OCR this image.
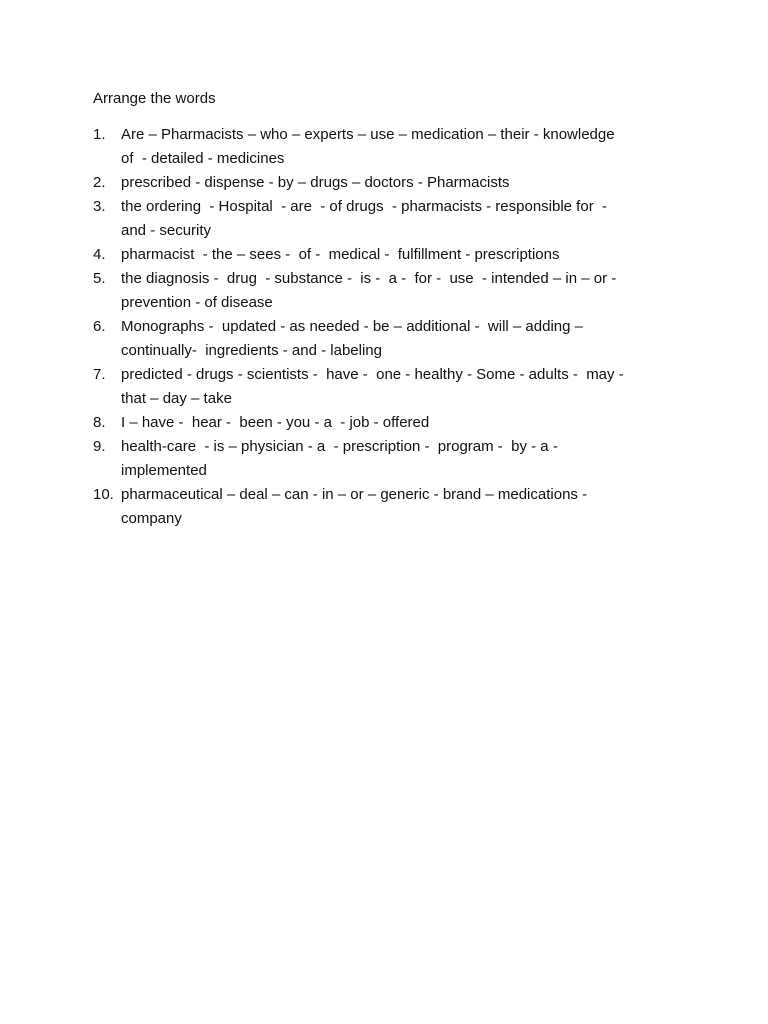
Arrange the words
1.	Are – Pharmacists – who – experts – use – medication – their - knowledge
of  - detailed - medicines
2.	prescribed - dispense - by – drugs – doctors - Pharmacists
3.	the ordering  - Hospital  - are  - of drugs  - pharmacists - responsible for  -
and - security
4.	pharmacist  - the – sees -  of -  medical -  fulfillment - prescriptions
5.	the diagnosis -  drug  - substance -  is -  a -  for -  use  - intended – in – or -
prevention - of disease
6.	Monographs -  updated - as needed - be – additional -  will – adding –
continually-  ingredients - and - labeling
7.	predicted - drugs - scientists -  have -  one - healthy - Some - adults -  may -
that – day – take
8.	I – have -  hear -  been - you - a  - job - offered
9.	health-care  - is – physician - a  - prescription -  program -  by - a -
implemented
10. pharmaceutical – deal – can - in – or – generic - brand – medications -
company
